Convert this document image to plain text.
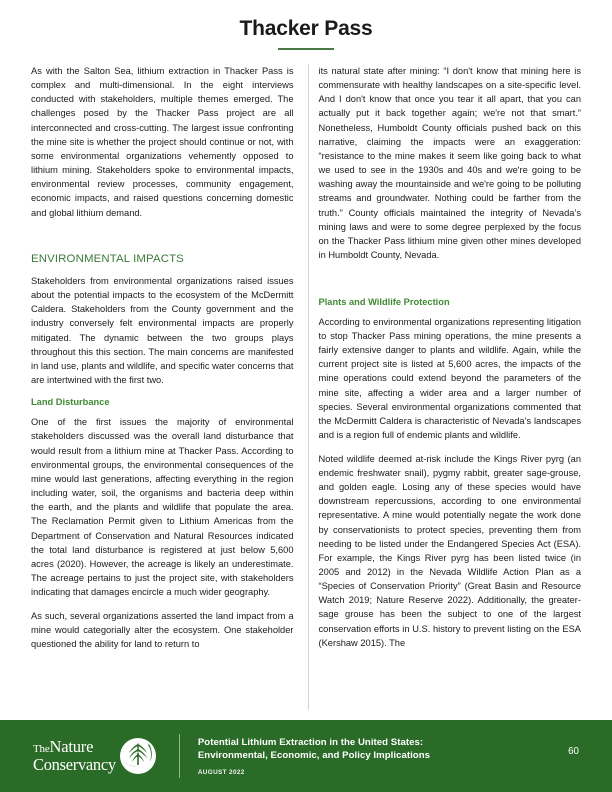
Thacker Pass

As with the Salton Sea, lithium extraction in Thacker Pass is complex and multi-dimensional. In the eight interviews conducted with stakeholders, multiple themes emerged. The challenges posed by the Thacker Pass project are all interconnected and cross-cutting. The largest issue confronting the mine site is whether the project should continue or not, with some environmental organizations vehemently opposed to lithium mining. Stakeholders spoke to environmental impacts, environmental review processes, community engagement, economic impacts, and raised questions concerning domestic and global lithium demand.

ENVIRONMENTAL IMPACTS

Stakeholders from environmental organizations raised issues about the potential impacts to the ecosystem of the McDermitt Caldera. Stakeholders from the County government and the industry conversely felt environmental impacts are properly mitigated. The dynamic between the two groups plays throughout this this section. The main concerns are manifested in land use, plants and wildlife, and specific water concerns that are intertwined with the first two.

Land Disturbance

One of the first issues the majority of environmental stakeholders discussed was the overall land disturbance that would result from a lithium mine at Thacker Pass. According to environmental groups, the environmental consequences of the mine would last generations, affecting everything in the region including water, soil, the organisms and bacteria deep within the earth, and the plants and wildlife that populate the area. The Reclamation Permit given to Lithium Americas from the Department of Conservation and Natural Resources indicated the total land disturbance is registered at just below 5,600 acres (2020). However, the acreage is likely an underestimate. The acreage pertains to just the project site, with stakeholders indicating that damages encircle a much wider geography.

As such, several organizations asserted the land impact from a mine would categorially alter the ecosystem. One stakeholder questioned the ability for land to return to

its natural state after mining: “I don't know that mining here is commensurate with healthy landscapes on a site-specific level. And I don't know that once you tear it all apart, that you can actually put it back together again; we're not that smart.” Nonetheless, Humboldt County officials pushed back on this narrative, claiming the impacts were an exaggeration: “resistance to the mine makes it seem like going back to what we used to see in the 1930s and 40s and we're going to be washing away the mountainside and we're going to be polluting streams and groundwater. Nothing could be farther from the truth.” County officials maintained the integrity of Nevada’s mining laws and were to some degree perplexed by the focus on the Thacker Pass lithium mine given other mines developed in Humboldt County, Nevada.

Plants and Wildlife Protection

According to environmental organizations representing litigation to stop Thacker Pass mining operations, the mine presents a fairly extensive danger to plants and wildlife. Again, while the current project site is listed at 5,600 acres, the impacts of the mine operations could extend beyond the parameters of the mine site, affecting a wider area and a larger number of species. Several environmental organizations commented that the McDermitt Caldera is characteristic of Nevada’s landscapes and is a region full of endemic plants and wildlife.

Noted wildlife deemed at-risk include the Kings River pyrg (an endemic freshwater snail), pygmy rabbit, greater sage-grouse, and golden eagle. Losing any of these species would have downstream repercussions, according to one environmental representative. A mine would potentially negate the work done by conservationists to protect species, preventing them from needing to be listed under the Endangered Species Act (ESA). For example, the Kings River pyrg has been listed twice (in 2005 and 2012) in the Nevada Wildlife Action Plan as a “Species of Conservation Priority” (Great Basin and Resource Watch 2019; Nature Reserve 2022). Additionally, the greater-sage grouse has been the subject to one of the largest conservation efforts in U.S. history to prevent listing on the ESA (Kershaw 2015). The

TheNature
Conservancy
Potential Lithium Extraction in the United States:
Environmental, Economic, and Policy Implications
AUGUST 2022
60
